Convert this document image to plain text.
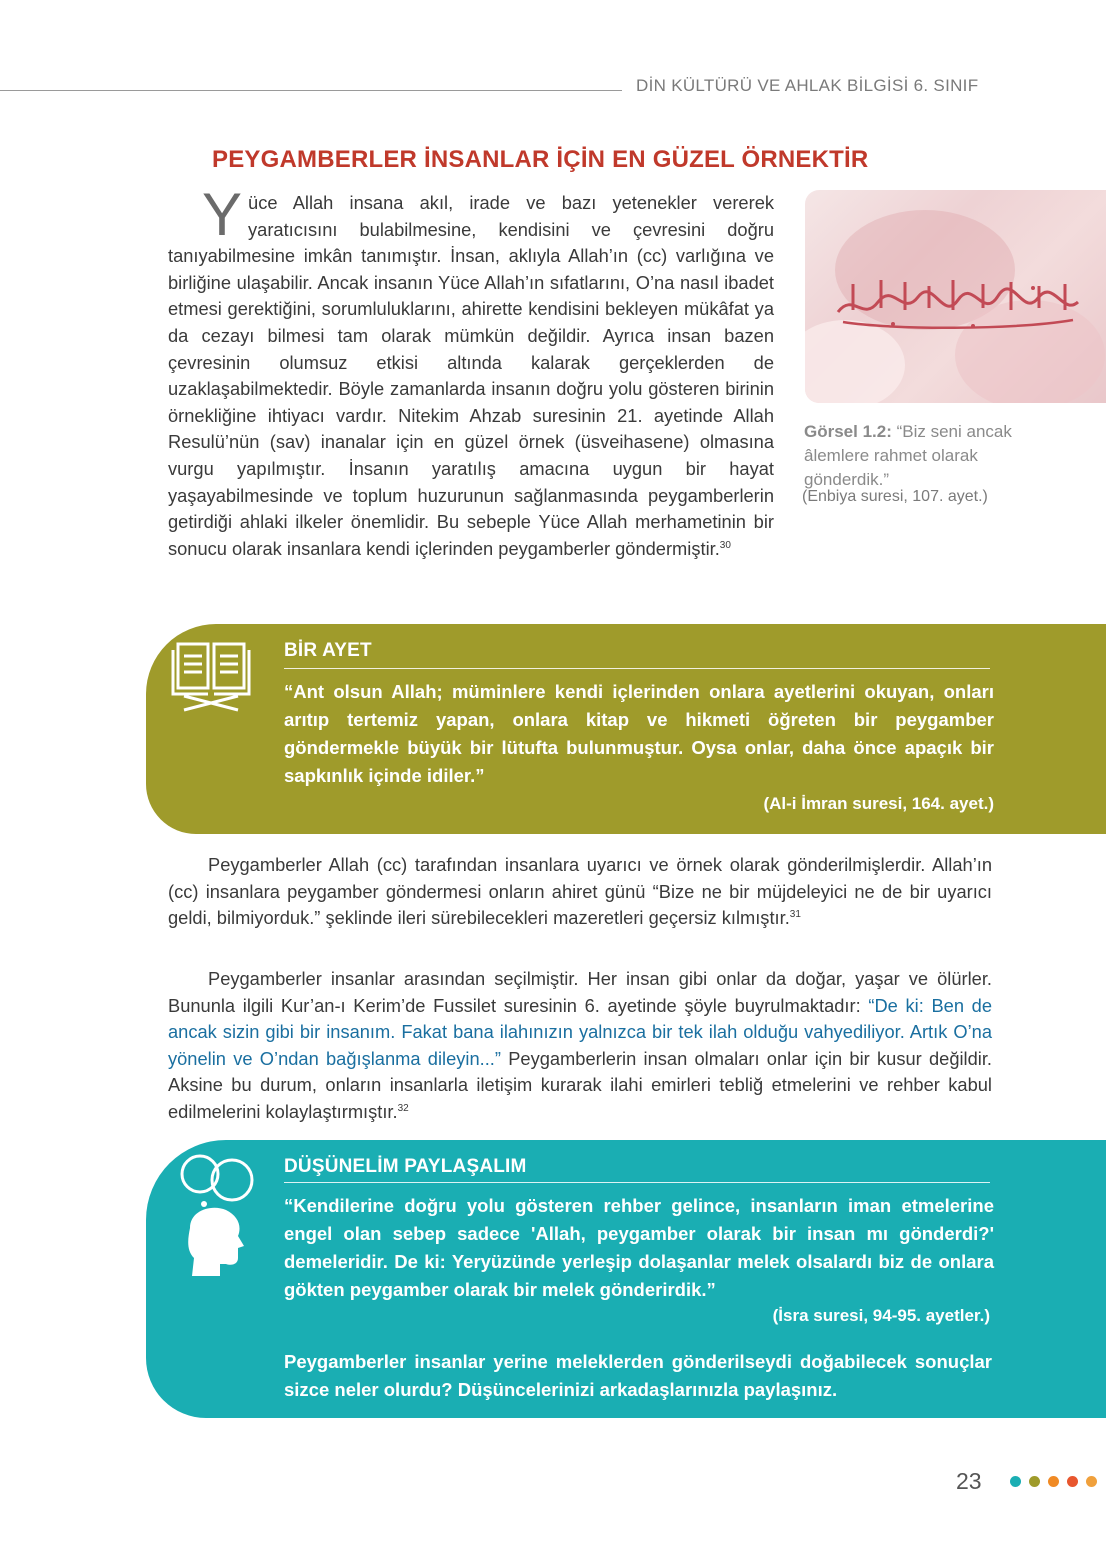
DİN KÜLTÜRÜ VE AHLAK BİLGİSİ 6. SINIF
PEYGAMBERLER İNSANLAR İÇİN EN GÜZEL ÖRNEKTİR
Yüce Allah insana akıl, irade ve bazı yetenekler vererek yaratıcısını bulabilmesine, kendisini ve çevresini doğru tanıyabilmesine imkân tanımıştır. İnsan, aklıyla Allah’ın (cc) varlığına ve birliğine ulaşabilir. Ancak insanın Yüce Allah’ın sıfatlarını, O’na nasıl ibadet etmesi gerektiğini, sorumluluklarını, ahirette kendisini bekleyen mükâfat ya da cezayı bilmesi tam olarak mümkün değildir. Ayrıca insan bazen çevresinin olumsuz etkisi altında kalarak gerçeklerden de uzaklaşabilmektedir. Böyle zamanlarda insanın doğru yolu gösteren birinin örnekliğine ihtiyacı vardır. Nitekim Ahzab suresinin 21. ayetinde Allah Resulü’nün (sav) inanalar için en güzel örnek (üsveihasene) olmasına vurgu yapılmıştır. İnsanın yaratılış amacına uygun bir hayat yaşayabilmesinde ve toplum huzurunun sağlanmasında peygamberlerin getirdiği ahlaki ilkeler önemlidir. Bu sebeple Yüce Allah merhametinin bir sonucu olarak insanlara kendi içlerinden peygamberler göndermiştir.$^{30}$
Görsel 1.2: “Biz seni ancak âlemlere rahmet olarak gönderdik.”
(Enbiya suresi, 107. ayet.)
BİR AYET
“Ant olsun Allah; müminlere kendi içlerinden onlara ayetlerini okuyan, onları arıtıp tertemiz yapan, onlara kitap ve hikmeti öğreten bir peygamber göndermekle büyük bir lütufta bulunmuştur. Oysa onlar, daha önce apaçık bir sapkınlık içinde idiler.”
(Al-i İmran suresi, 164. ayet.)

Peygamberler Allah (cc) tarafından insanlara uyarıcı ve örnek olarak gönderilmişlerdir. Allah’ın (cc) insanlara peygamber göndermesi onların ahiret günü “Bize ne bir müjdeleyici ne de bir uyarıcı geldi, bilmiyorduk.” şeklinde ileri sürebilecekleri mazeretleri geçersiz kılmıştır.$^{31}$

Peygamberler insanlar arasından seçilmiştir. Her insan gibi onlar da doğar, yaşar ve ölürler. Bununla ilgili Kur’an-ı Kerim’de Fussilet suresinin 6. ayetinde şöyle buyrulmaktadır: “De ki: Ben de ancak sizin gibi bir insanım. Fakat bana ilahınızın yalnızca bir tek ilah olduğu vahyediliyor. Artık O’na yönelin ve O’ndan bağışlanma dileyin...” Peygamberlerin insan olmaları onlar için bir kusur değildir. Aksine bu durum, onların insanlarla iletişim kurarak ilahi emirleri tebliğ etmelerini ve rehber kabul edilmelerini kolaylaştırmıştır.$^{32}$

DÜŞÜNELİM PAYLAŞALIM
“Kendilerine doğru yolu gösteren rehber gelince, insanların iman etmelerine engel olan sebep sadece 'Allah, peygamber olarak bir insan mı gönderdi?' demeleridir. De ki: Yeryüzünde yerleşip dolaşanlar melek olsalardı biz de onlara gökten peygamber olarak bir melek gönderirdik.”
(İsra suresi, 94-95. ayetler.)
Peygamberler insanlar yerine meleklerden gönderilseydi doğabilecek sonuçlar sizce neler olurdu? Düşüncelerinizi arkadaşlarınızla paylaşınız.
23
